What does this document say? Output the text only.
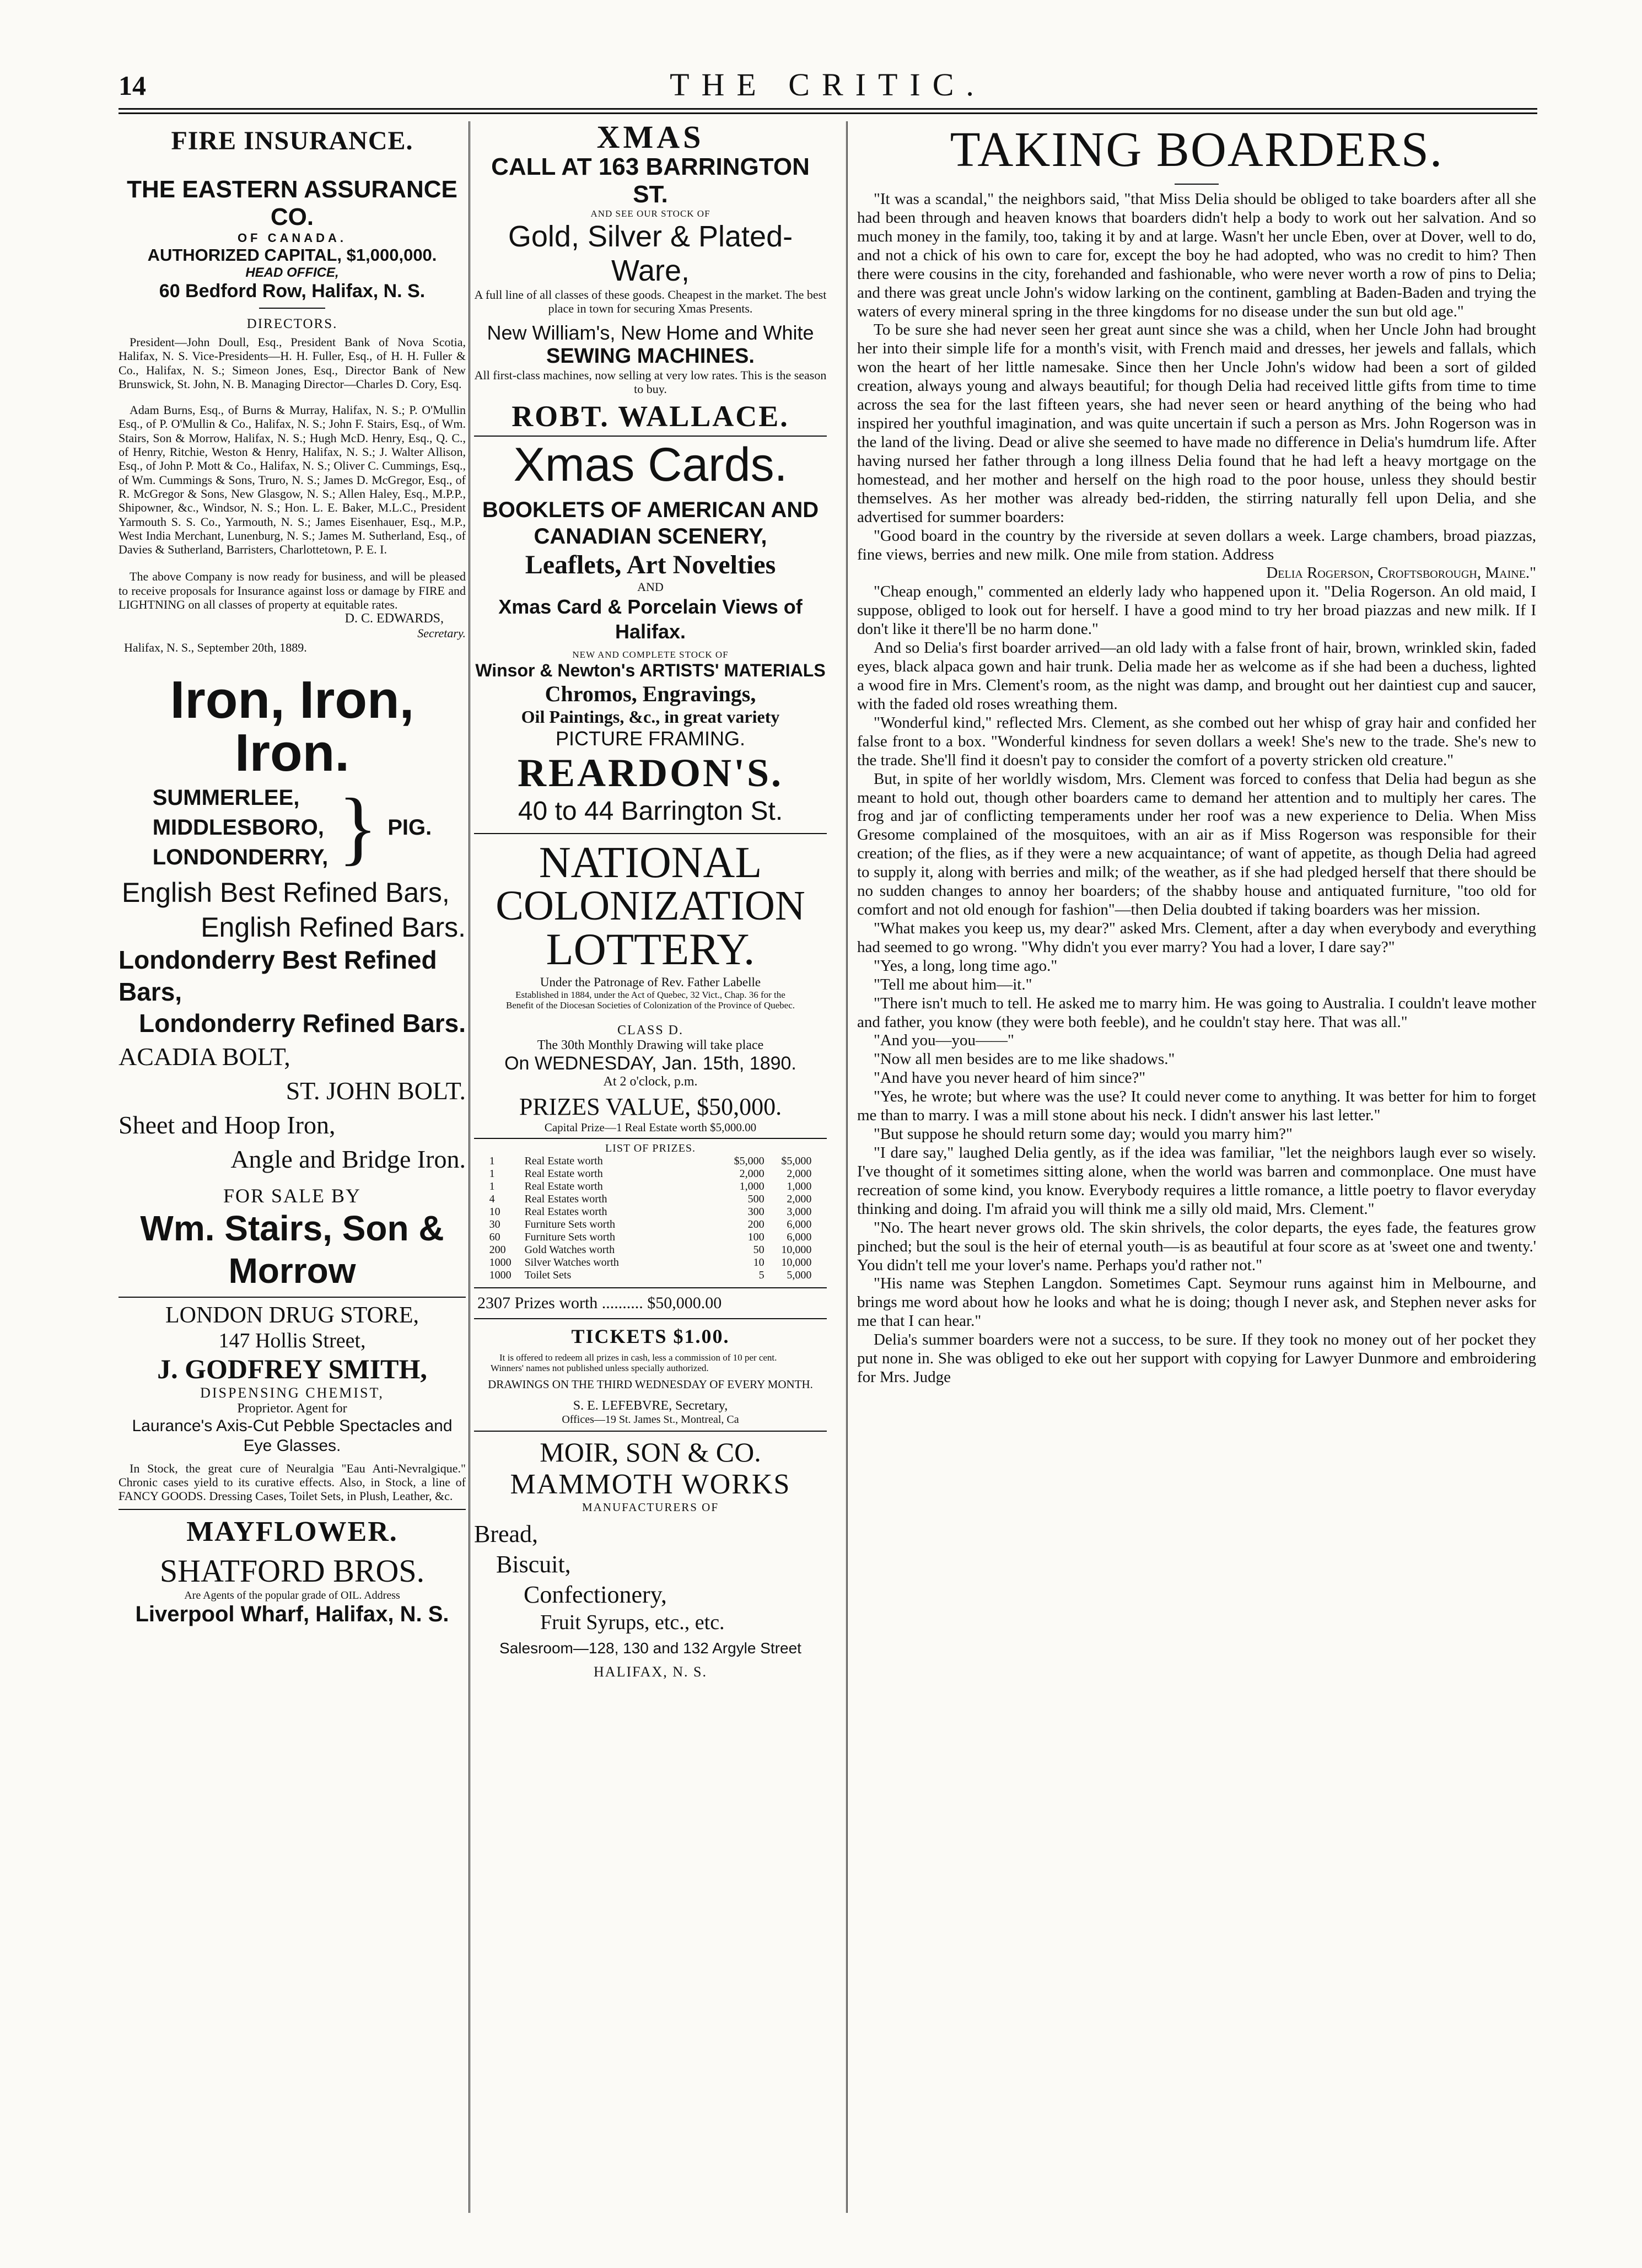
14	THE CRITIC.
FIRE INSURANCE.
THE EASTERN ASSURANCE CO.
OF CANADA.
AUTHORIZED CAPITAL, $1,000,000.
HEAD OFFICE,
60 Bedford Row, Halifax, N. S.
DIRECTORS.

President—John Doull, Esq., President Bank of Nova Scotia, Halifax, N. S. Vice-Presidents—H. H. Fuller, Esq., of H. H. Fuller & Co., Halifax, N. S.; Simeon Jones, Esq., Director Bank of New Brunswick, St. John, N. B. Managing Director—Charles D. Cory, Esq.

Adam Burns, Esq., of Burns & Murray, Halifax, N. S.; P. O'Mullin Esq., of P. O'Mullin & Co., Halifax, N. S.; John F. Stairs, Esq., of Wm. Stairs, Son & Morrow, Halifax, N. S.; Hugh McD. Henry, Esq., Q. C., of Henry, Ritchie, Weston & Henry, Halifax, N. S.; J. Walter Allison, Esq., of John P. Mott & Co., Halifax, N. S.; Oliver C. Cummings, Esq., of Wm. Cummings & Sons, Truro, N. S.; James D. McGregor, Esq., of R. McGregor & Sons, New Glasgow, N. S.; Allen Haley, Esq., M.P.P., Shipowner, &c., Windsor, N. S.; Hon. L. E. Baker, M.L.C., President Yarmouth S. S. Co., Yarmouth, N. S.; James Eisenhauer, Esq., M.P., West India Merchant, Lunenburg, N. S.; James M. Sutherland, Esq., of Davies & Sutherland, Barristers, Charlottetown, P. E. I.

The above Company is now ready for business, and will be pleased to receive proposals for Insurance against loss or damage by FIRE and LIGHTNING on all classes of property at equitable rates.

D. C. EDWARDS,
Secretary.
Halifax, N. S., September 20th, 1889.
Iron, Iron, Iron.
SUMMERLEE,
MIDDLESBORO,
LONDONDERRY, } PIG.
English Best Refined Bars,
English Refined Bars.
Londonderry Best Refined Bars,
Londonderry Refined Bars.
ACADIA BOLT,
ST. JOHN BOLT.
Sheet and Hoop Iron,
Angle and Bridge Iron.
FOR SALE BY
Wm. Stairs, Son & Morrow
LONDON DRUG STORE,
147 Hollis Street,
J. GODFREY SMITH,
DISPENSING CHEMIST,
Proprietor. Agent for
Laurance's Axis-Cut Pebble Spectacles and Eye Glasses.

In Stock, the great cure of Neuralgia "Eau Anti-Nevralgique." Chronic cases yield to its curative effects. Also, in Stock, a line of FANCY GOODS. Dressing Cases, Toilet Sets, in Plush, Leather, &c.

MAYFLOWER.
SHATFORD BROS.
Are Agents of the popular grade of OIL. Address
Liverpool Wharf, Halifax, N. S.
XMAS
CALL AT 163 BARRINGTON ST.
AND SEE OUR STOCK OF
Gold, Silver & Plated-Ware,

A full line of all classes of these goods. Cheapest in the market. The best place in town for securing Xmas Presents.

New William's, New Home and White
SEWING MACHINES.

All first-class machines, now selling at very low rates. This is the season to buy.

ROBT. WALLACE.
Xmas Cards.
BOOKLETS OF AMERICAN AND CANADIAN SCENERY,
Leaflets, Art Novelties
AND
Xmas Card & Porcelain Views of Halifax.
NEW AND COMPLETE STOCK OF
Winsor & Newton's ARTISTS' MATERIALS
Chromos, Engravings,
Oil Paintings, &c., in great variety
PICTURE FRAMING.
REARDON'S.
40 to 44 Barrington St.
NATIONAL
COLONIZATION
LOTTERY.
Under the Patronage of Rev. Father Labelle

Established in 1884, under the Act of Quebec, 32 Vict., Chap. 36 for the Benefit of the Diocesan Societies of Colonization of the Province of Quebec.

CLASS D.
The 30th Monthly Drawing will take place
On WEDNESDAY, Jan. 15th, 1890.
At 2 o'clock, p.m.
PRIZES VALUE, $50,000.
Capital Prize—1 Real Estate worth $5,000.00
LIST OF PRIZES.
1	Real Estate worth	$5,000	$5,000
1	Real Estate worth	2,000	2,000
1	Real Estate worth	1,000	1,000
4	Real Estates worth	500	2,000
10	Real Estates worth	300	3,000
30	Furniture Sets worth	200	6,000
60	Furniture Sets worth	100	6,000
200	Gold Watches worth	50	10,000
1000	Silver Watches worth	10	10,000
1000	Toilet Sets	5	5,000
2307 Prizes worth .......... $50,000.00
TICKETS $1.00.

It is offered to redeem all prizes in cash, less a commission of 10 per cent. Winners' names not published unless specially authorized.

DRAWINGS ON THE THIRD WEDNESDAY OF EVERY MONTH.
S. E. LEFEBVRE, Secretary,
Offices—19 St. James St., Montreal, Ca
MOIR, SON & CO.
MAMMOTH WORKS
MANUFACTURERS OF
Bread,
Biscuit,
Confectionery,
Fruit Syrups, etc., etc.
Salesroom—128, 130 and 132 Argyle Street
HALIFAX, N. S.
TAKING BOARDERS.

"It was a scandal," the neighbors said, "that Miss Delia should be obliged to take boarders after all she had been through and heaven knows that boarders didn't help a body to work out her salvation. And so much money in the family, too, taking it by and at large. Wasn't her uncle Eben, over at Dover, well to do, and not a chick of his own to care for, except the boy he had adopted, who was no credit to him? Then there were cousins in the city, forehanded and fashionable, who were never worth a row of pins to Delia; and there was great uncle John's widow larking on the continent, gambling at Baden-Baden and trying the waters of every mineral spring in the three kingdoms for no disease under the sun but old age."

To be sure she had never seen her great aunt since she was a child, when her Uncle John had brought her into their simple life for a month's visit, with French maid and dresses, her jewels and fallals, which won the heart of her little namesake. Since then her Uncle John's widow had been a sort of gilded creation, always young and always beautiful; for though Delia had received little gifts from time to time across the sea for the last fifteen years, she had never seen or heard anything of the being who had inspired her youthful imagination, and was quite uncertain if such a person as Mrs. John Rogerson was in the land of the living. Dead or alive she seemed to have made no difference in Delia's humdrum life. After having nursed her father through a long illness Delia found that he had left a heavy mortgage on the homestead, and her mother and herself on the high road to the poor house, unless they should bestir themselves. As her mother was already bed-ridden, the stirring naturally fell upon Delia, and she advertised for summer boarders:

"Good board in the country by the riverside at seven dollars a week. Large chambers, broad piazzas, fine views, berries and new milk. One mile from station. Address

Delia Rogerson, Croftsborough, Maine."

"Cheap enough," commented an elderly lady who happened upon it. "Delia Rogerson. An old maid, I suppose, obliged to look out for herself. I have a good mind to try her broad piazzas and new milk. If I don't like it there'll be no harm done."

And so Delia's first boarder arrived—an old lady with a false front of hair, brown, wrinkled skin, faded eyes, black alpaca gown and hair trunk. Delia made her as welcome as if she had been a duchess, lighted a wood fire in Mrs. Clement's room, as the night was damp, and brought out her daintiest cup and saucer, with the faded old roses wreathing them.

"Wonderful kind," reflected Mrs. Clement, as she combed out her whisp of gray hair and confided her false front to a box. "Wonderful kindness for seven dollars a week! She's new to the trade. She's new to the trade. She'll find it doesn't pay to consider the comfort of a poverty stricken old creature."

But, in spite of her worldly wisdom, Mrs. Clement was forced to confess that Delia had begun as she meant to hold out, though other boarders came to demand her attention and to multiply her cares. The frog and jar of conflicting temperaments under her roof was a new experience to Delia. When Miss Gresome complained of the mosquitoes, with an air as if Miss Rogerson was responsible for their creation; of the flies, as if they were a new acquaintance; of want of appetite, as though Delia had agreed to supply it, along with berries and milk; of the weather, as if she had pledged herself that there should be no sudden changes to annoy her boarders; of the shabby house and antiquated furniture, "too old for comfort and not old enough for fashion"—then Delia doubted if taking boarders was her mission.

"What makes you keep us, my dear?" asked Mrs. Clement, after a day when everybody and everything had seemed to go wrong. "Why didn't you ever marry? You had a lover, I dare say?"

"Yes, a long, long time ago."

"Tell me about him—it."

"There isn't much to tell. He asked me to marry him. He was going to Australia. I couldn't leave mother and father, you know (they were both feeble), and he couldn't stay here. That was all."

"And you—you——"

"Now all men besides are to me like shadows."

"And have you never heard of him since?"

"Yes, he wrote; but where was the use? It could never come to anything. It was better for him to forget me than to marry. I was a mill stone about his neck. I didn't answer his last letter."

"But suppose he should return some day; would you marry him?"

"I dare say," laughed Delia gently, as if the idea was familiar, "let the neighbors laugh ever so wisely. I've thought of it sometimes sitting alone, when the world was barren and commonplace. One must have recreation of some kind, you know. Everybody requires a little romance, a little poetry to flavor everyday thinking and doing. I'm afraid you will think me a silly old maid, Mrs. Clement."

"No. The heart never grows old. The skin shrivels, the color departs, the eyes fade, the features grow pinched; but the soul is the heir of eternal youth—is as beautiful at four score as at 'sweet one and twenty.' You didn't tell me your lover's name. Perhaps you'd rather not."

"His name was Stephen Langdon. Sometimes Capt. Seymour runs against him in Melbourne, and brings me word about how he looks and what he is doing; though I never ask, and Stephen never asks for me that I can hear."

Delia's summer boarders were not a success, to be sure. If they took no money out of her pocket they put none in. She was obliged to eke out her support with copying for Lawyer Dunmore and embroidering for Mrs. Judge
